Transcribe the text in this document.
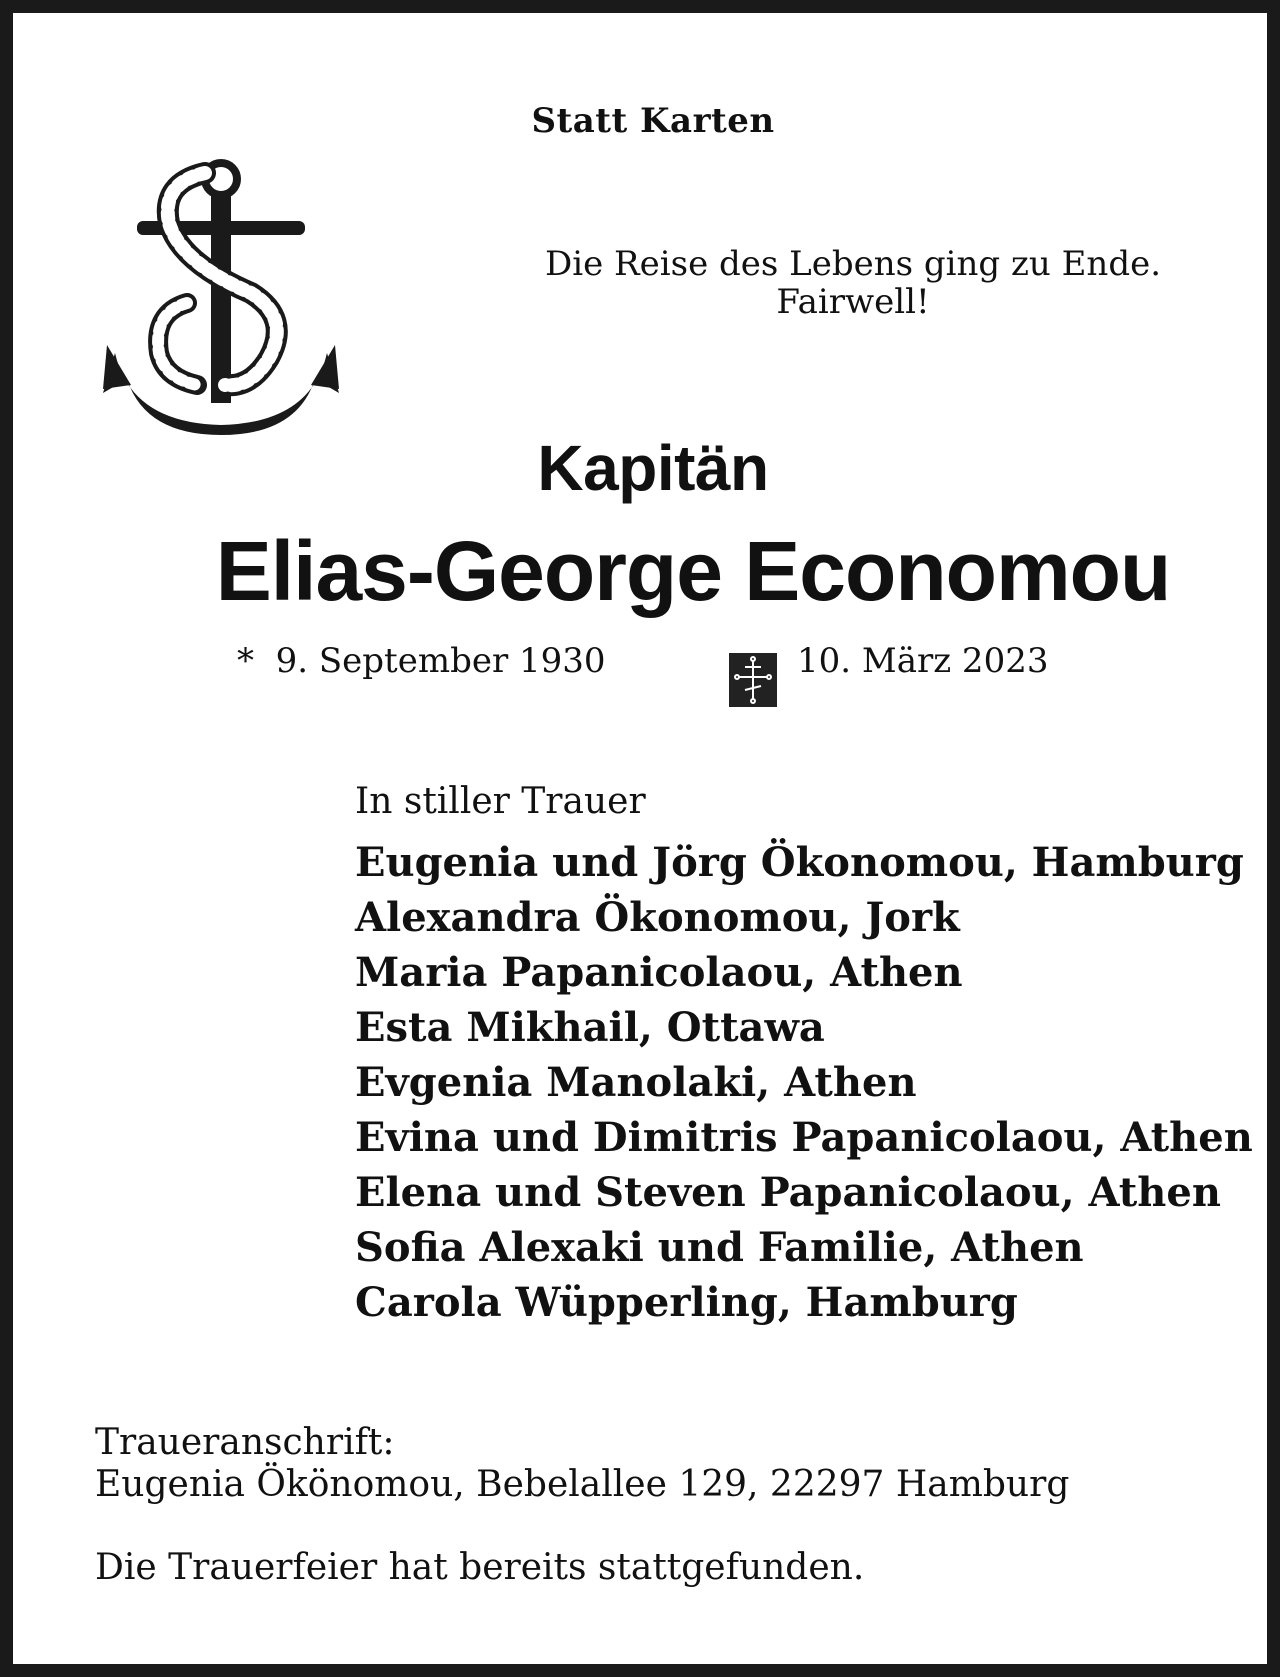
Statt Karten
Die Reise des Lebens ging zu Ende.
Fairwell!
Kapitän
Elias-George Economou
* 9. September 1930	10. März 2023
In stiller Trauer
Eugenia und Jörg Ökonomou, Hamburg
Alexandra Ökonomou, Jork
Maria Papanicolaou, Athen
Esta Mikhail, Ottawa
Evgenia Manolaki, Athen
Evina und Dimitris Papanicolaou, Athen
Elena und Steven Papanicolaou, Athen
Sofia Alexaki und Familie, Athen
Carola Wüpperling, Hamburg
Traueranschrift:
Eugenia Ökönomou, Bebelallee 129, 22297 Hamburg
Die Trauerfeier hat bereits stattgefunden.
